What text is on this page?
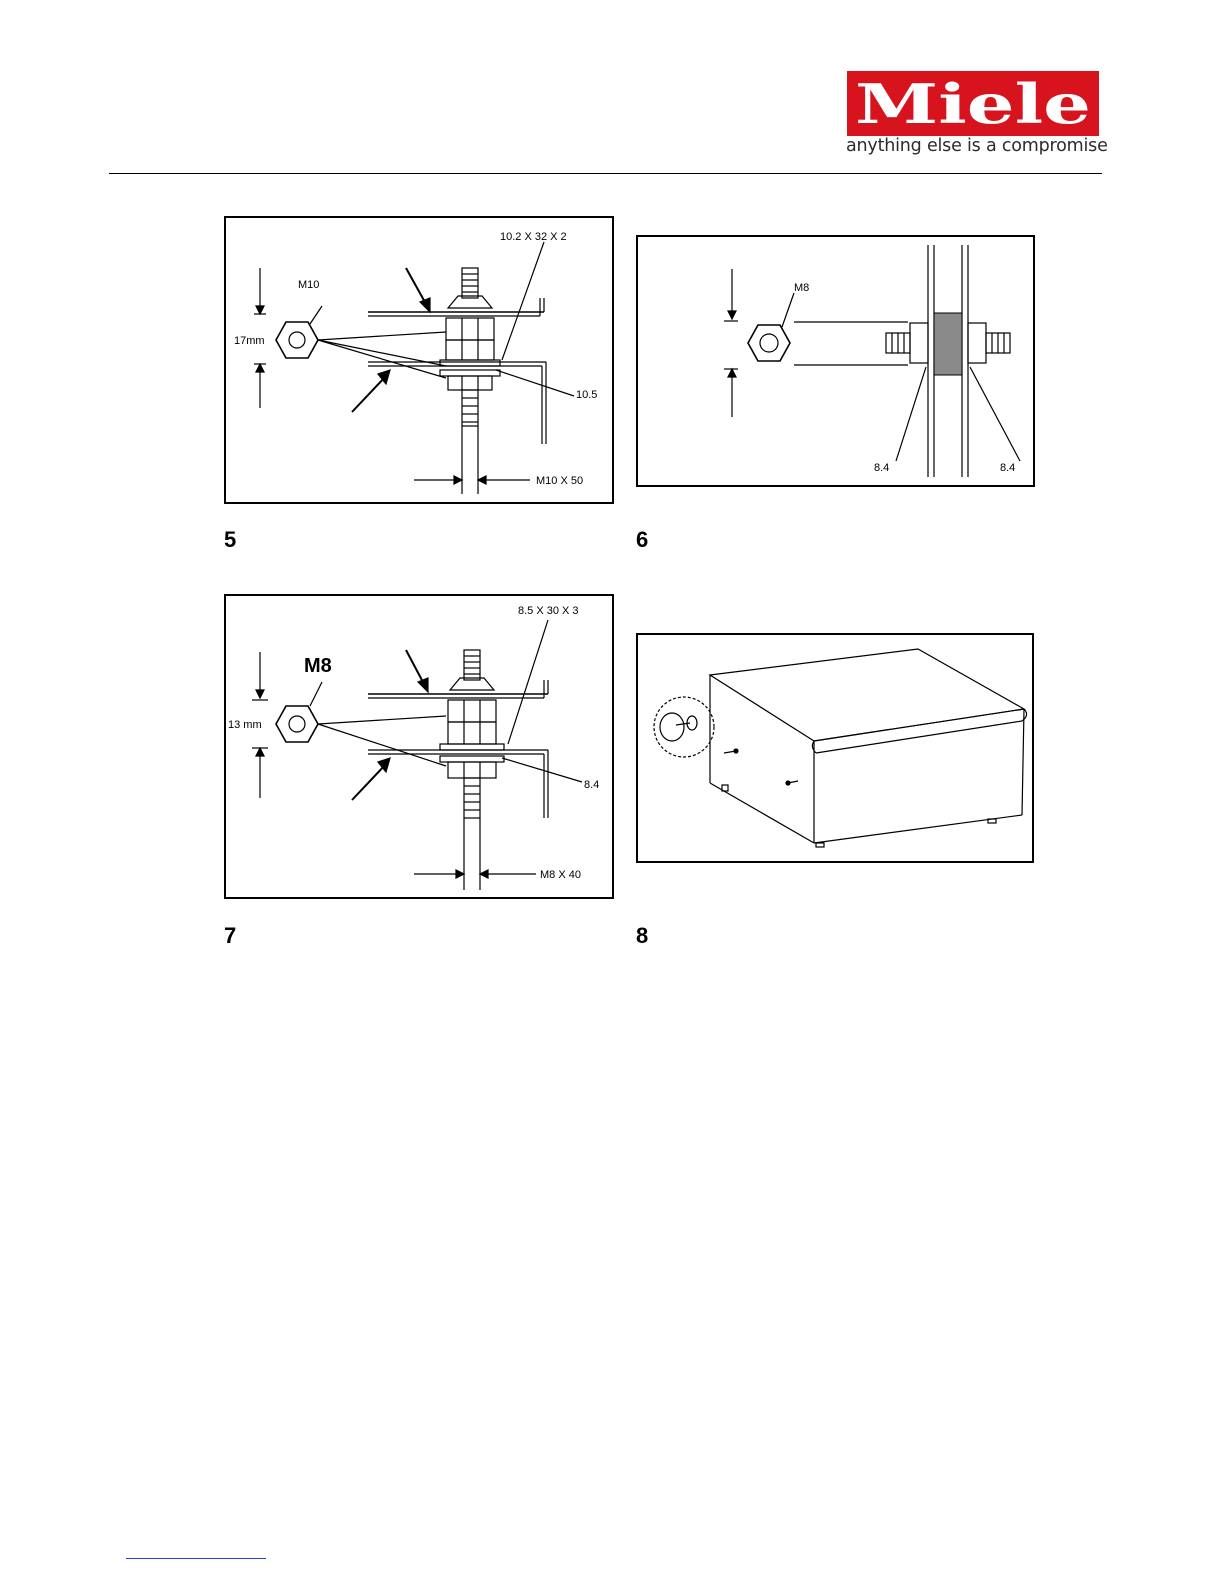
Miele
anything else is a compromise
10.2 X 32 X 2
M10
17mm
10.5
M10 X 50
5
M8
8.4	8.4
6
8.5 X 30 X 3
M8
13 mm
8.4
M8 X 40
7	8
